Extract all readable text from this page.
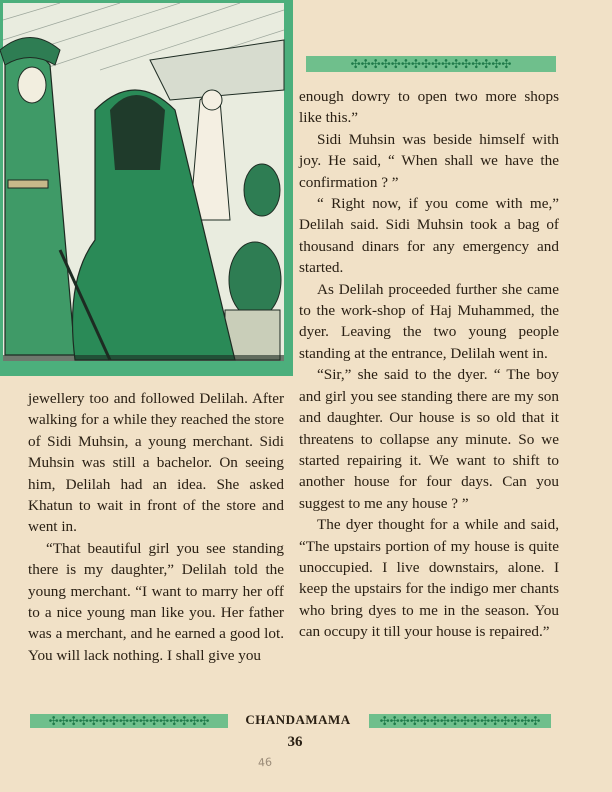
✣✣✣✣✣✣✣✣✣✣✣✣✣✣✣✣

jewellery too and followed Delilah. After walking for a while they reached the store of Sidi Muhsin, a young merchant. Sidi Muhsin was still a bachelor. On seeing him, Delilah had an idea. She asked Khatun to wait in front of the store and went in.

“That beautiful girl you see standing there is my daughter,” Delilah told the young merchant. “I want to marry her off to a nice young man like you. Her father was a merchant, and he earned a good lot. You will lack nothing. I shall give you

enough dowry to open two more shops like this.”

Sidi Muhsin was beside himself with joy. He said, “ When shall we have the confirmation ? ”

“ Right now, if you come with me,” Delilah said. Sidi Muhsin took a bag of thousand dinars for any emergency and started.

As Delilah proceeded further she came to the work-shop of Haj Muhammed, the dyer. Leaving the two young people standing at the entrance, Delilah went in.

“Sir,” she said to the dyer. “ The boy and girl you see standing there are my son and daughter. Our house is so old that it threatens to collapse any minute. So we started repairing it. We want to shift to another house for four days. Can you suggest to me any house ? ”

The dyer thought for a while and said, “The upstairs portion of my house is quite unoccupied. I live downstairs, alone. I keep the upstairs for the indigo mer chants who bring dyes to me in the season. You can occupy it till your house is repaired.”

✣✣✣✣✣✣✣✣✣✣✣✣✣✣✣✣	CHANDAMAMA	✣✣✣✣✣✣✣✣✣✣✣✣✣✣✣✣
36
46
